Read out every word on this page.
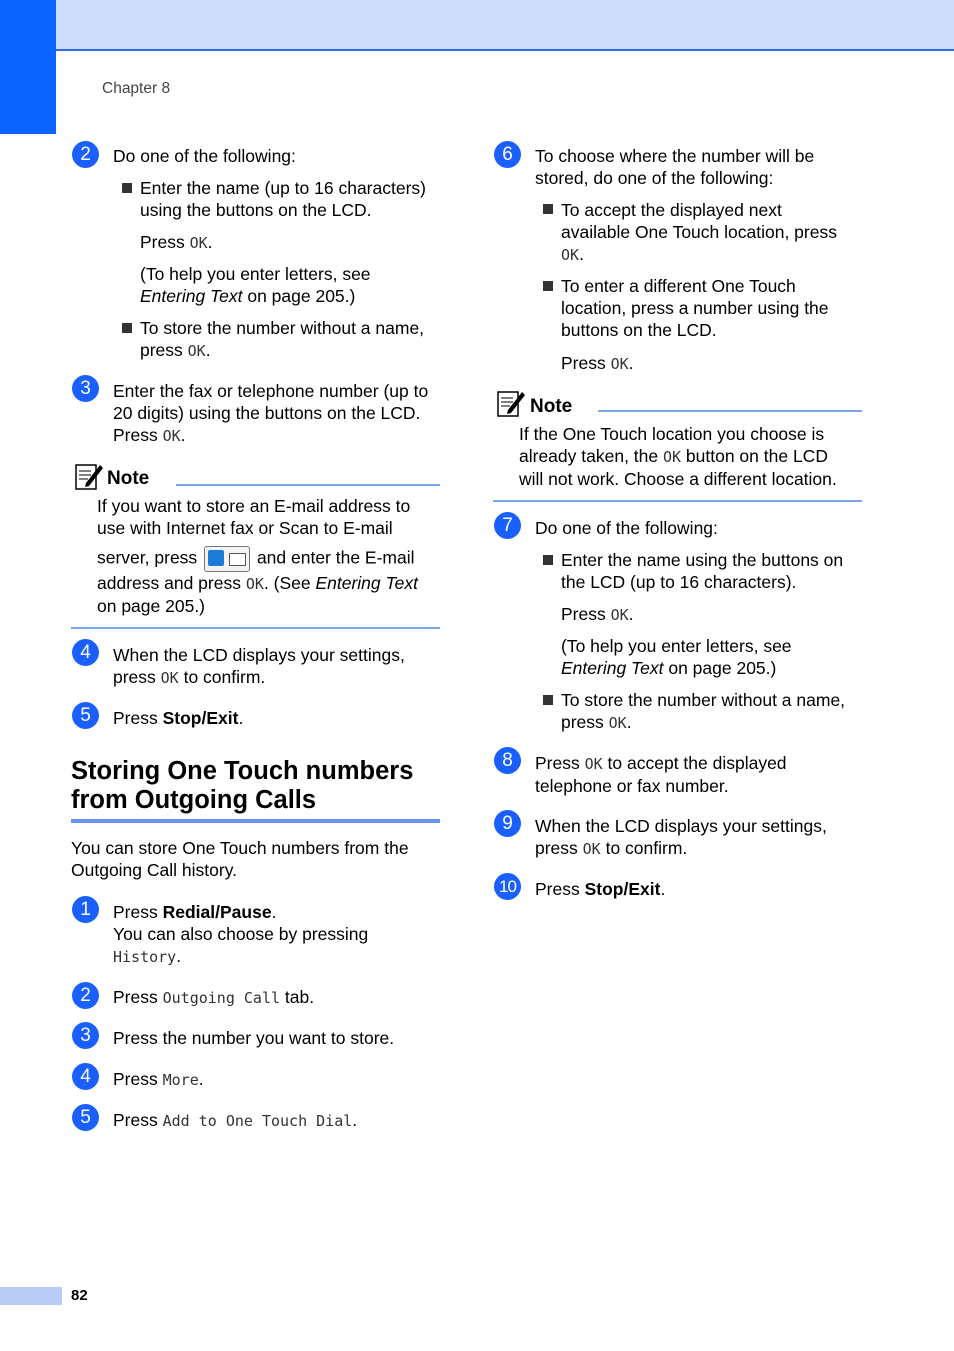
Chapter 8
2	Do one of the following:
Enter the name (up to 16 characters)
using the buttons on the LCD.
Press OK.
(To help you enter letters, see
Entering Text on page 205.)
To store the number without a name,
press OK.
3	Enter the fax or telephone number (up to
20 digits) using the buttons on the LCD.
Press OK.
Note
If you want to store an E-mail address to
use with Internet fax or Scan to E-mail
server, press	and enter the E-mail
address and press OK. (See Entering Text
on page 205.)
4	When the LCD displays your settings,
press OK to confirm.
5	Press Stop/Exit.
Storing One Touch numbers
from Outgoing Calls
You can store One Touch numbers from the
Outgoing Call history.
1	Press Redial/Pause.
You can also choose by pressing
History.
2	Press Outgoing Call tab.
3	Press the number you want to store.
4	Press More.
5	Press Add to One Touch Dial.
6	To choose where the number will be
stored, do one of the following:
To accept the displayed next
available One Touch location, press
OK.
To enter a different One Touch
location, press a number using the
buttons on the LCD.
Press OK.
Note
If the One Touch location you choose is
already taken, the OK button on the LCD
will not work. Choose a different location.
7	Do one of the following:
Enter the name using the buttons on
the LCD (up to 16 characters).
Press OK.
(To help you enter letters, see
Entering Text on page 205.)
To store the number without a name,
press OK.
8	Press OK to accept the displayed
telephone or fax number.
9	When the LCD displays your settings,
press OK to confirm.
10 Press Stop/Exit.
82
